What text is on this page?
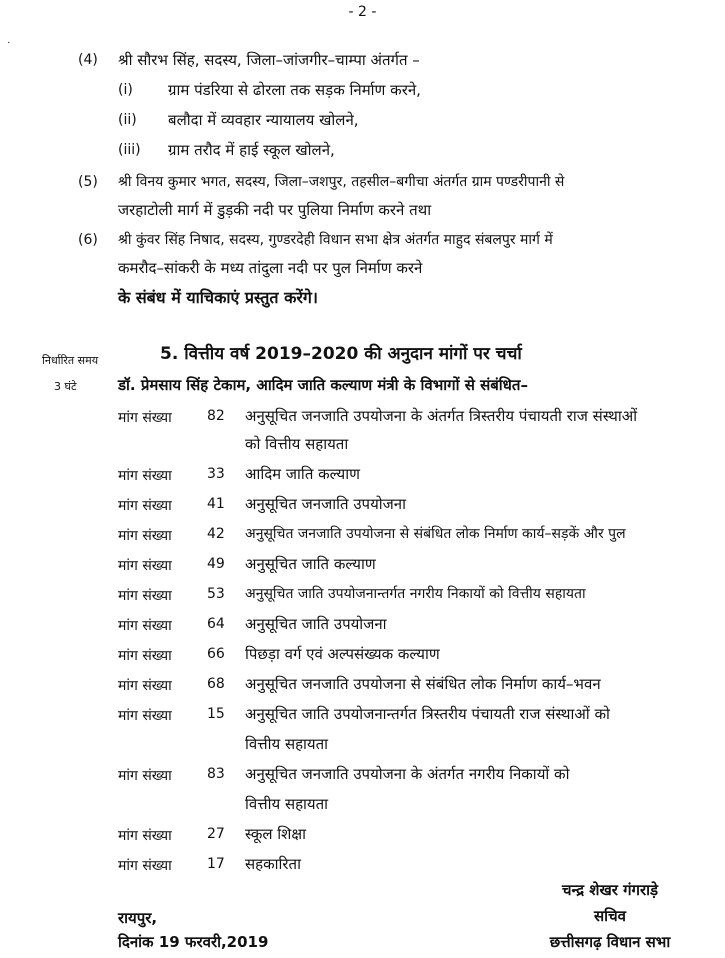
- 2 -
˙
(4) श्री सौरभ सिंह, सदस्य, जिला–जांजगीर–चाम्पा अंतर्गत –
(i) ग्राम पंडरिया से ढोरला तक सड़क निर्माण करने,
(ii) बलौदा में व्यवहार न्यायालय खोलने,
(iii) ग्राम तरौद में हाई स्कूल खोलने,
(5) श्री विनय कुमार भगत, सदस्य, जिला–जशपुर, तहसील–बगीचा अंतर्गत ग्राम पण्डरीपानी से
जरहाटोली मार्ग में डुड़की नदी पर पुलिया निर्माण करने तथा
(6) श्री कुंवर सिंह निषाद, सदस्य, गुण्डरदेही विधान सभा क्षेत्र अंतर्गत माहुद संबलपुर मार्ग में
कमरौद–सांकरी के मध्य तांदुला नदी पर पुल निर्माण करने
के संबंध में याचिकाएं प्रस्तुत करेंगे।
निर्धारित समय	5. वित्तीय वर्ष 2019–2020 की अनुदान मांगों पर चर्चा
3 घंटे	डॉ. प्रेमसाय सिंह टेकाम, आदिम जाति कल्याण मंत्री के विभागों से संबंधित–
मांग संख्या	82 अनुसूचित जनजाति उपयोजना के अंतर्गत त्रिस्तरीय पंचायती राज संस्थाओं
को वित्तीय सहायता
मांग संख्या	33 आदिम जाति कल्याण
मांग संख्या	41 अनुसूचित जनजाति उपयोजना
मांग संख्या	42 अनुसूचित जनजाति उपयोजना से संबंधित लोक निर्माण कार्य–सड़कें और पुल
मांग संख्या	49 अनुसूचित जाति कल्याण
मांग संख्या	53 अनुसूचित जाति उपयोजनान्तर्गत नगरीय निकायों को वित्तीय सहायता
मांग संख्या	64 अनुसूचित जाति उपयोजना
मांग संख्या	66 पिछड़ा वर्ग एवं अल्पसंख्यक कल्याण
मांग संख्या	68 अनुसूचित जनजाति उपयोजना से संबंधित लोक निर्माण कार्य–भवन
मांग संख्या	15 अनुसूचित जाति उपयोजनान्तर्गत त्रिस्तरीय पंचायती राज संस्थाओं को
वित्तीय सहायता
मांग संख्या	83 अनुसूचित जनजाति उपयोजना के अंतर्गत नगरीय निकायों को
वित्तीय सहायता
मांग संख्या	27 स्कूल शिक्षा
मांग संख्या	17 सहकारिता
रायपुर,
दिनांक 19 फरवरी,2019
चन्द्र शेखर गंगराड़े
सचिव
छत्तीसगढ़ विधान सभा
